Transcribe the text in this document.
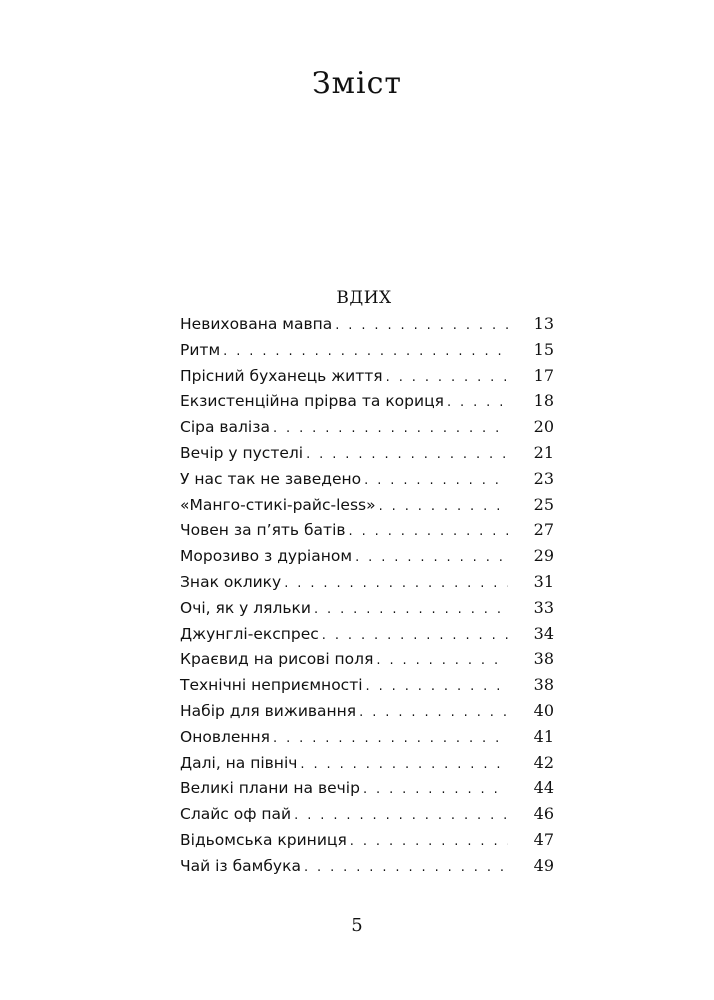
Зміст
ВДИХ
Невихована мавпа . . .	13
Ритм . . .	15
Прісний буханець життя . . .	17
Екзистенційна прірва та кориця . . .	18
Сіра валіза . . .	20
Вечір у пустелі . . .	21
У нас так не заведено . . .	23
«Манго-стикі-райс-less» . . .	25
Човен за п’ять батів . . .	27
Морозиво з дуріаном . . .	29
Знак оклику . . .	31
Очі, як у ляльки . . .	33
Джунглі-експрес . . .	34
Краєвид на рисові поля . . .	38
Технічні неприємності . . .	38
Набір для виживання . . .	40
Оновлення . . .	41
Далі, на північ . . .	42
Великі плани на вечір . . .	44
Слайс оф пай . . .	46
Відьомська криниця . . .	47
Чай із бамбука . . .	49
5
